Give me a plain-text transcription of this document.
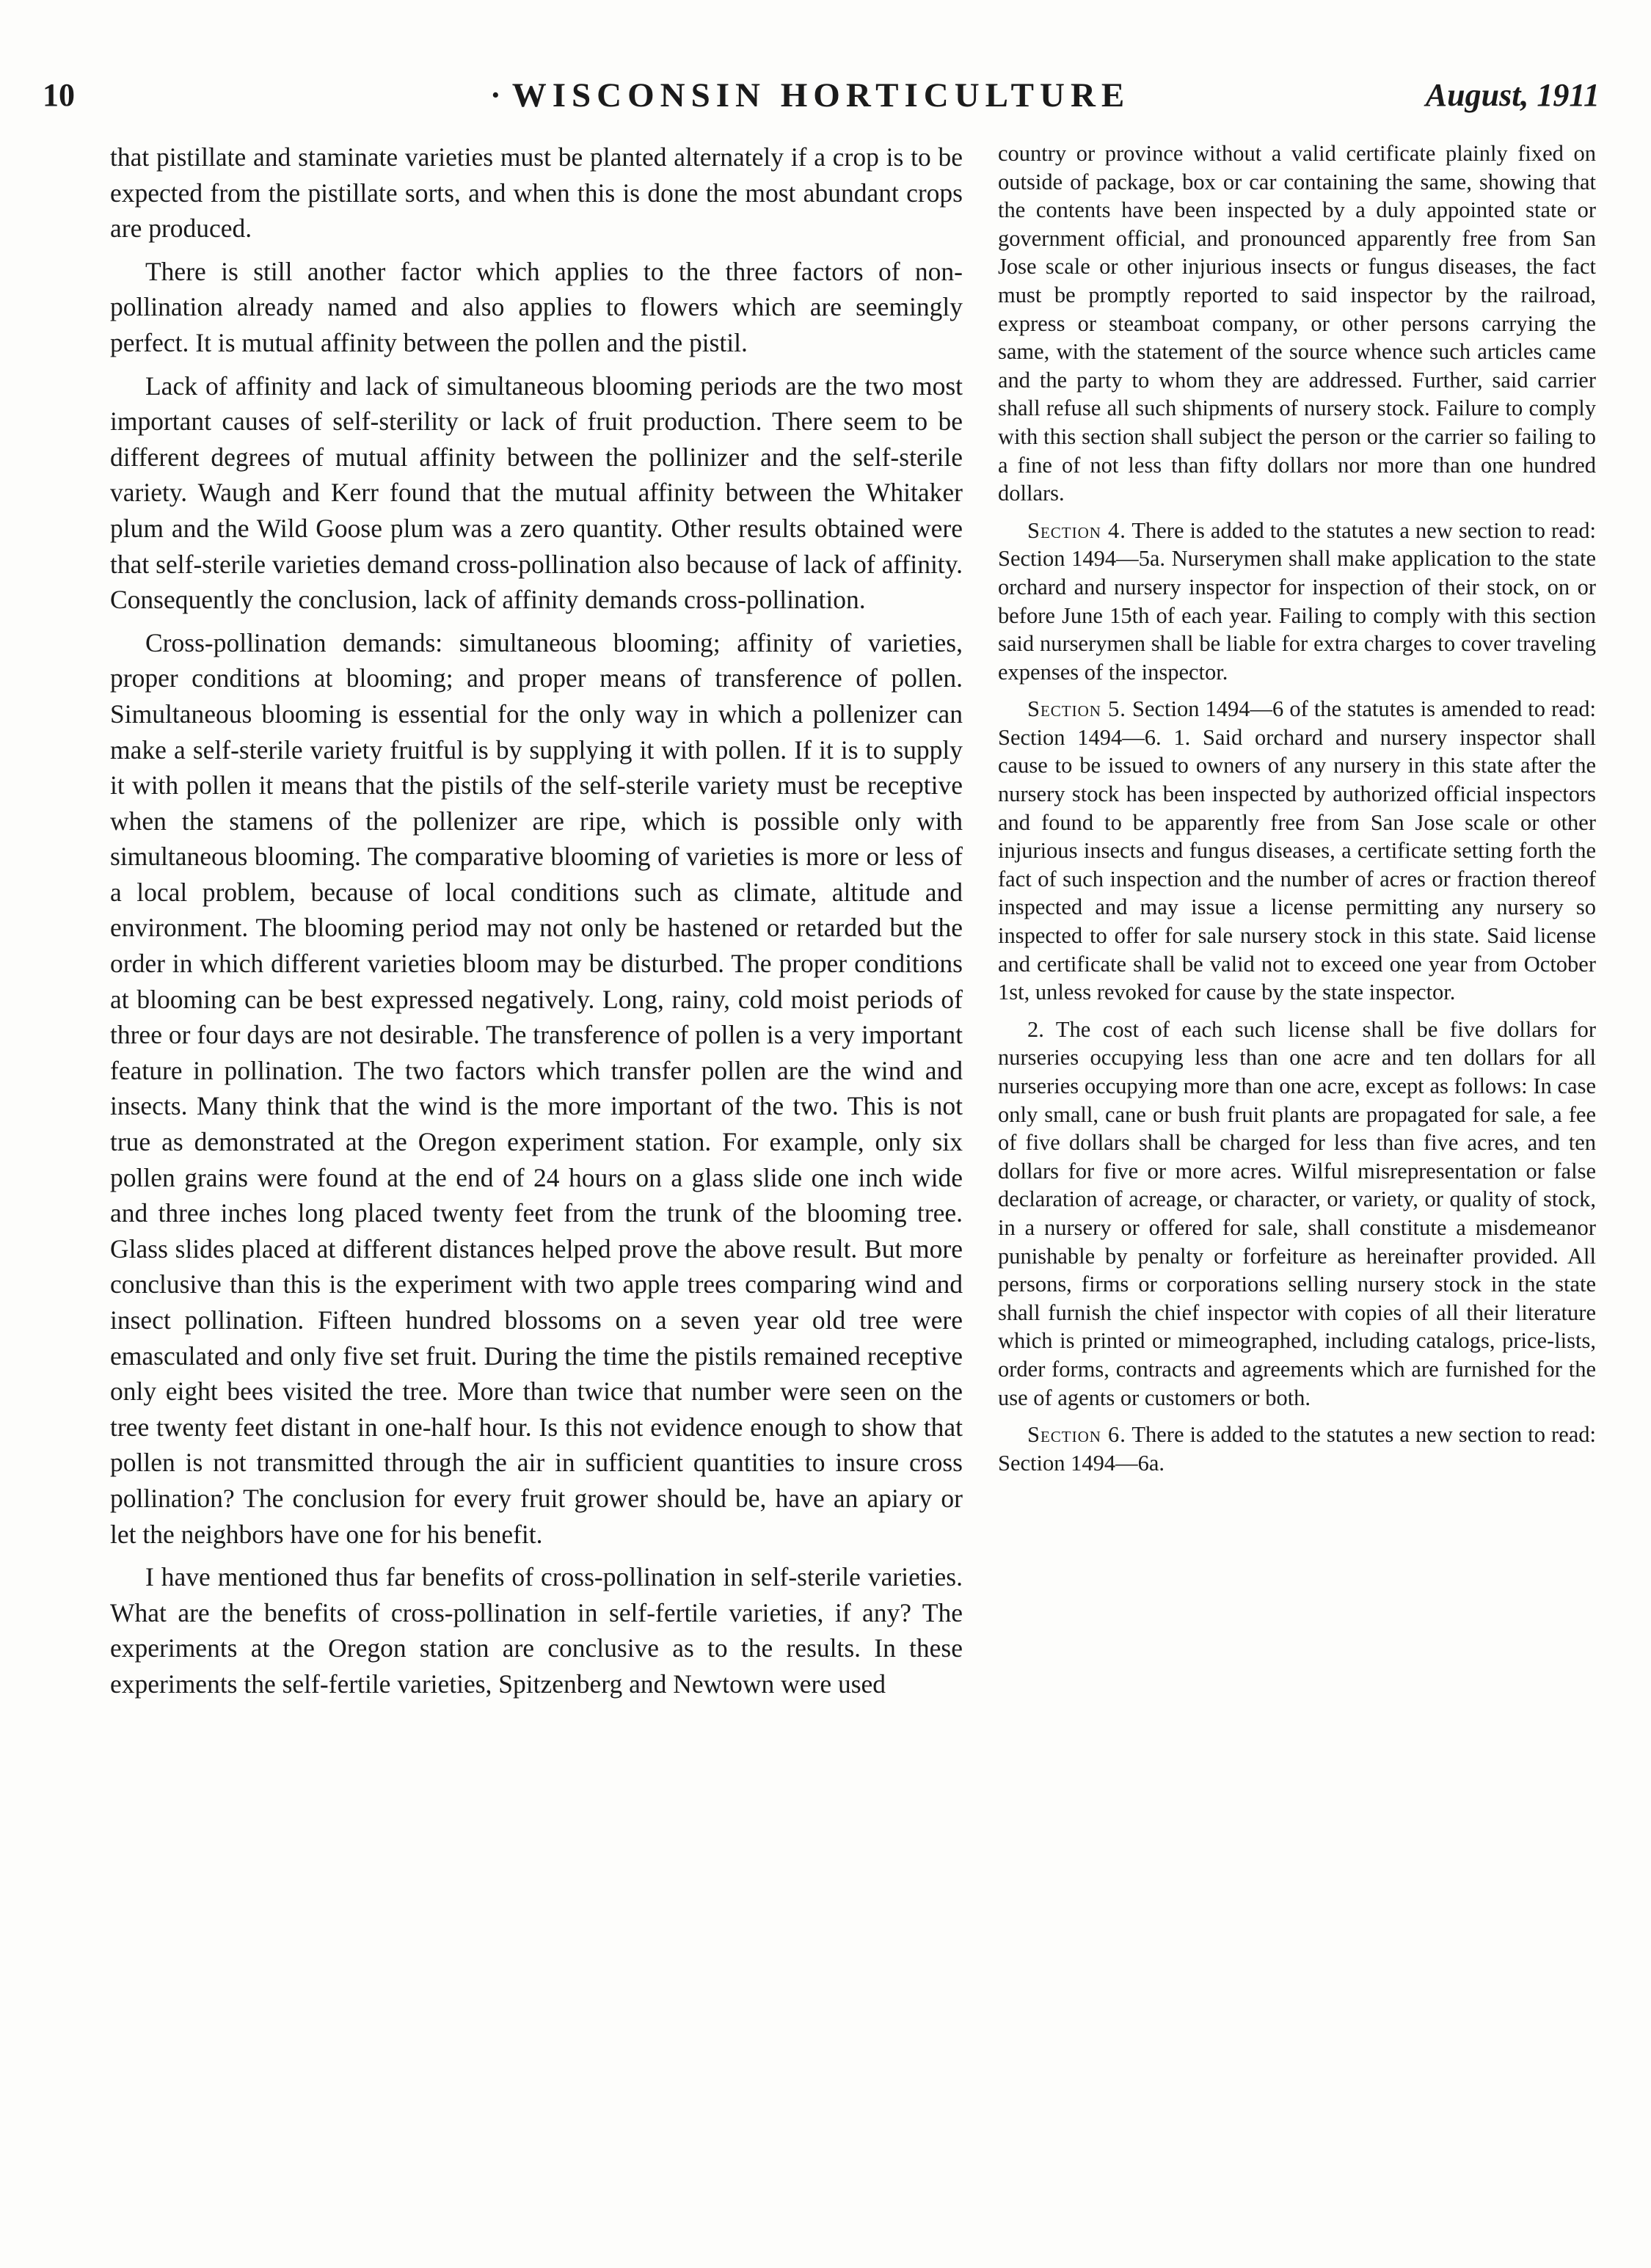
10	· WISCONSIN HORTICULTURE	August, 1911

that pistillate and staminate varieties must be planted alternately if a crop is to be expected from the pistillate sorts, and when this is done the most abundant crops are produced.

There is still another factor which applies to the three factors of non-pollination already named and also applies to flowers which are seemingly perfect. It is mutual affinity between the pollen and the pistil.

Lack of affinity and lack of simultaneous blooming periods are the two most important causes of self-sterility or lack of fruit production. There seem to be different degrees of mutual affinity between the pollinizer and the self-sterile variety. Waugh and Kerr found that the mutual affinity between the Whitaker plum and the Wild Goose plum was a zero quantity. Other results obtained were that self-sterile varieties demand cross-pollination also because of lack of affinity. Consequently the conclusion, lack of affinity demands cross-pollination.

Cross-pollination demands: simultaneous blooming; affinity of varieties, proper conditions at blooming; and proper means of transference of pollen. Simultaneous blooming is essential for the only way in which a pollenizer can make a self-sterile variety fruitful is by supplying it with pollen. If it is to supply it with pollen it means that the pistils of the self-sterile variety must be receptive when the stamens of the pollenizer are ripe, which is possible only with simultaneous blooming. The comparative blooming of varieties is more or less of a local problem, because of local conditions such as climate, altitude and environment. The blooming period may not only be hastened or retarded but the order in which different varieties bloom may be disturbed. The proper conditions at blooming can be best expressed negatively. Long, rainy, cold moist periods of three or four days are not desirable. The transference of pollen is a very important feature in pollination. The two factors which transfer pollen are the wind and insects. Many think that the wind is the more important of the two. This is not true as demonstrated at the Oregon experiment station. For example, only six pollen grains were found at the end of 24 hours on a glass slide one inch wide and three inches long placed twenty feet from the trunk of the blooming tree. Glass slides placed at different distances helped prove the above result. But more conclusive than this is the experiment with two apple trees comparing wind and insect pollination. Fifteen hundred blossoms on a seven year old tree were emasculated and only five set fruit. During the time the pistils remained receptive only eight bees visited the tree. More than twice that number were seen on the tree twenty feet distant in one-half hour. Is this not evidence enough to show that pollen is not transmitted through the air in sufficient quantities to insure cross pollination? The conclusion for every fruit grower should be, have an apiary or let the neighbors have one for his benefit.

I have mentioned thus far benefits of cross-pollination in self-sterile varieties. What are the benefits of cross-pollination in self-fertile varieties, if any? The experiments at the Oregon station are conclusive as to the results. In these experiments the self-fertile varieties, Spitzenberg and Newtown were used

country or province without a valid certificate plainly fixed on outside of package, box or car containing the same, showing that the contents have been inspected by a duly appointed state or government official, and pronounced apparently free from San Jose scale or other injurious insects or fungus diseases, the fact must be promptly reported to said inspector by the railroad, express or steamboat company, or other persons carrying the same, with the statement of the source whence such articles came and the party to whom they are addressed. Further, said carrier shall refuse all such shipments of nursery stock. Failure to comply with this section shall subject the person or the carrier so failing to a fine of not less than fifty dollars nor more than one hundred dollars.

Section 4. There is added to the statutes a new section to read: Section 1494—5a. Nurserymen shall make application to the state orchard and nursery inspector for inspection of their stock, on or before June 15th of each year. Failing to comply with this section said nurserymen shall be liable for extra charges to cover traveling expenses of the inspector.

Section 5. Section 1494—6 of the statutes is amended to read: Section 1494—6. 1. Said orchard and nursery inspector shall cause to be issued to owners of any nursery in this state after the nursery stock has been inspected by authorized official inspectors and found to be apparently free from San Jose scale or other injurious insects and fungus diseases, a certificate setting forth the fact of such inspection and the number of acres or fraction thereof inspected and may issue a license permitting any nursery so inspected to offer for sale nursery stock in this state. Said license and certificate shall be valid not to exceed one year from October 1st, unless revoked for cause by the state inspector.

2. The cost of each such license shall be five dollars for nurseries occupying less than one acre and ten dollars for all nurseries occupying more than one acre, except as follows: In case only small, cane or bush fruit plants are propagated for sale, a fee of five dollars shall be charged for less than five acres, and ten dollars for five or more acres. Wilful misrepresentation or false declaration of acreage, or character, or variety, or quality of stock, in a nursery or offered for sale, shall constitute a misdemeanor punishable by penalty or forfeiture as hereinafter provided. All persons, firms or corporations selling nursery stock in the state shall furnish the chief inspector with copies of all their literature which is printed or mimeographed, including catalogs, price-lists, order forms, contracts and agreements which are furnished for the use of agents or customers or both.

Section 6. There is added to the statutes a new section to read: Section 1494—6a.
